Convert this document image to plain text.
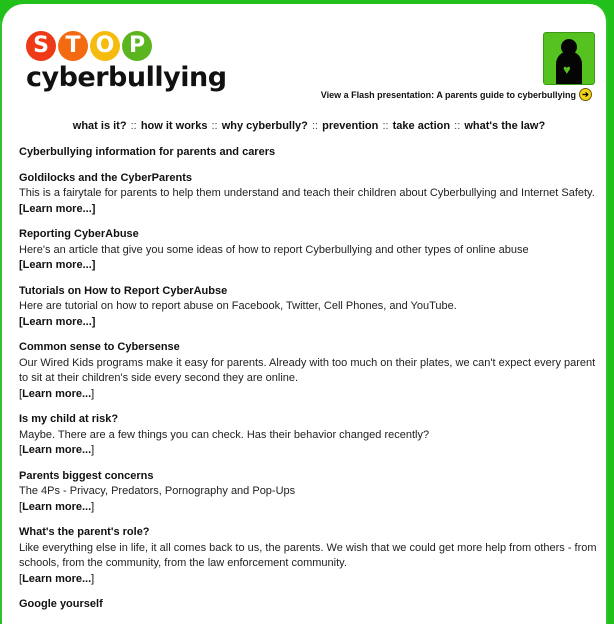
S T O P
cyberbullying	♥
View a Flash presentation: A parents guide to cyberbullying ➔
what is it? :: how it works :: why cyberbully? :: prevention :: take action :: what's the law?
Cyberbullying information for parents and carers
Goldilocks and the CyberParents
This is a fairytale for parents to help them understand and teach their children about Cyberbullying and Internet Safety.
[Learn more...]
Reporting CyberAbuse
Here's an article that give you some ideas of how to report Cyberbullying and other types of online abuse
[Learn more...]
Tutorials on How to Report CyberAubse
Here are tutorial on how to report abuse on Facebook, Twitter, Cell Phones, and YouTube.
[Learn more...]
Common sense to Cybersense
Our Wired Kids programs make it easy for parents. Already with too much on their plates, we can't expect every parent to sit at their children's side every second they are online.
[Learn more...]
Is my child at risk?
Maybe. There are a few things you can check. Has their behavior changed recently?
[Learn more...]
Parents biggest concerns
The 4Ps - Privacy, Predators, Pornography and Pop-Ups
[Learn more...]
What's the parent's role?
Like everything else in life, it all comes back to us, the parents. We wish that we could get more help from others - from schools, from the community, from the law enforcement community.
[Learn more...]
Google yourself
